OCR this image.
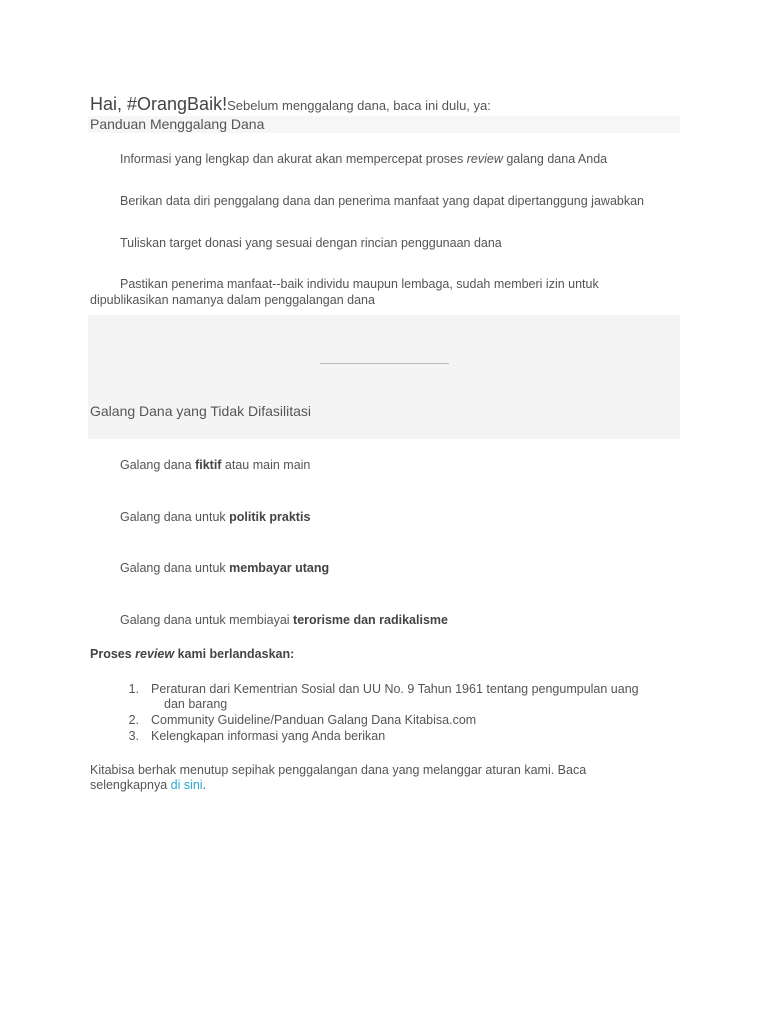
Hai, #OrangBaik!Sebelum menggalang dana, baca ini dulu, ya:
Panduan Menggalang Dana
Informasi yang lengkap dan akurat akan mempercepat proses review galang dana Anda
Berikan data diri penggalang dana dan penerima manfaat yang dapat dipertanggung jawabkan
Tuliskan target donasi yang sesuai dengan rincian penggunaan dana
Pastikan penerima manfaat--baik individu maupun lembaga, sudah memberi izin untuk
dipublikasikan namanya dalam penggalangan dana
Galang Dana yang Tidak Difasilitasi
Galang dana fiktif atau main main
Galang dana untuk politik praktis
Galang dana untuk membayar utang
Galang dana untuk membiayai terorisme dan radikalisme
Proses review kami berlandaskan:
1. Peraturan dari Kementrian Sosial dan UU No. 9 Tahun 1961 tentang pengumpulan uang
dan barang
2. Community Guideline/Panduan Galang Dana Kitabisa.com
3. Kelengkapan informasi yang Anda berikan
Kitabisa berhak menutup sepihak penggalangan dana yang melanggar aturan kami. Baca
selengkapnya di sini.
